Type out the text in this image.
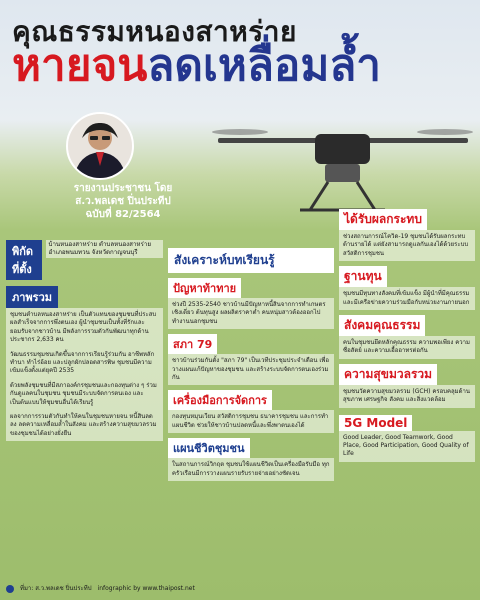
คุณธรรมหนองสาหร่าย
หายจนลดเหลื่อมล้ำ
รายงานประชาชน โดย
ส.ว.พลเดช ปิ่นประทีป
ฉบับที่ 82/2564
พิกัดที่ตั้ง
บ้านหนองสาหร่าย ตำบลหนองสาหร่าย อำเภอพนมทวน จังหวัดกาญจนบุรี
ภาพรวม

ชุมชนตำบลหนองสาหร่าย เป็นตัวแทนของชุมชนที่ประสบผลสำเร็จจากการพึ่งตนเอง ผู้นำชุมชนเป็นทั้งที่รักและยอมรับจากชาวบ้าน มีพลังการรวมตัวกันพัฒนาทุกด้าน ประชากร 2,633 คน

วัฒนธรรมชุมชนเกิดขึ้นจากการเรียนรู้ร่วมกัน อาชีพหลักทำนา ทำไร่อ้อย และปลูกผักปลอดสารพิษ ชุมชนมีความเข้มแข็งตั้งแต่ยุคปี 2535

ด้วยพลังชุมชนที่มีสภาองค์กรชุมชนและกองทุนต่าง ๆ ร่วมกันดูแลคนในชุมชน ชุมชนมีระบบจัดการตนเอง และเป็นต้นแบบให้ชุมชนอื่นได้เรียนรู้

ผลจากการรวมตัวกันทำให้คนในชุมชนหายจน หนี้สินลดลง ลดความเหลื่อมล้ำในสังคม และสร้างความสุขมวลรวมของชุมชนได้อย่างยั่งยืน

สังเคราะห์บทเรียนรู้
ปัญหาท้าทาย

ช่วงปี 2535-2540 ชาวบ้านมีปัญหาหนี้สินจากการทำเกษตรเชิงเดี่ยว ต้นทุนสูง ผลผลิตราคาต่ำ คนหนุ่มสาวต้องออกไปทำงานนอกชุมชน

สภา 79

ชาวบ้านร่วมกันตั้ง "สภา 79" เป็นเวทีประชุมประจำเดือน เพื่อวางแผนแก้ปัญหาของชุมชน และสร้างระบบจัดการตนเองร่วมกัน

เครื่องมือการจัดการ

กองทุนหมุนเวียน สวัสดิการชุมชน ธนาคารชุมชน และการทำแผนชีวิต ช่วยให้ชาวบ้านปลดหนี้และพึ่งพาตนเองได้

แผนชีวิตชุมชน

ในสถานการณ์วิกฤต ชุมชนใช้แผนชีวิตเป็นเครื่องมือรับมือ ทุกครัวเรือนมีการวางแผนรายรับรายจ่ายอย่างชัดเจน

ได้รับผลกระทบ

ช่วงสถานการณ์โควิด-19 ชุมชนได้รับผลกระทบด้านรายได้ แต่ยังสามารถดูแลกันเองได้ด้วยระบบสวัสดิการชุมชน

ฐานทุน

ชุมชนมีทุนทางสังคมที่เข้มแข็ง มีผู้นำที่มีคุณธรรม และมีเครือข่ายความร่วมมือกับหน่วยงานภายนอก

สังคมคุณธรรม

คนในชุมชนยึดหลักคุณธรรม ความพอเพียง ความซื่อสัตย์ และความเอื้ออาทรต่อกัน

ความสุขมวลรวม

ชุมชนวัดความสุขมวลรวม (GCH) ครอบคลุมด้านสุขภาพ เศรษฐกิจ สังคม และสิ่งแวดล้อม

5G Model

Good Leader, Good Teamwork, Good Place, Good Participation, Good Quality of Life

ที่มา: ส.ว.พลเดช ปิ่นประทีป infographic by www.thaipost.net
